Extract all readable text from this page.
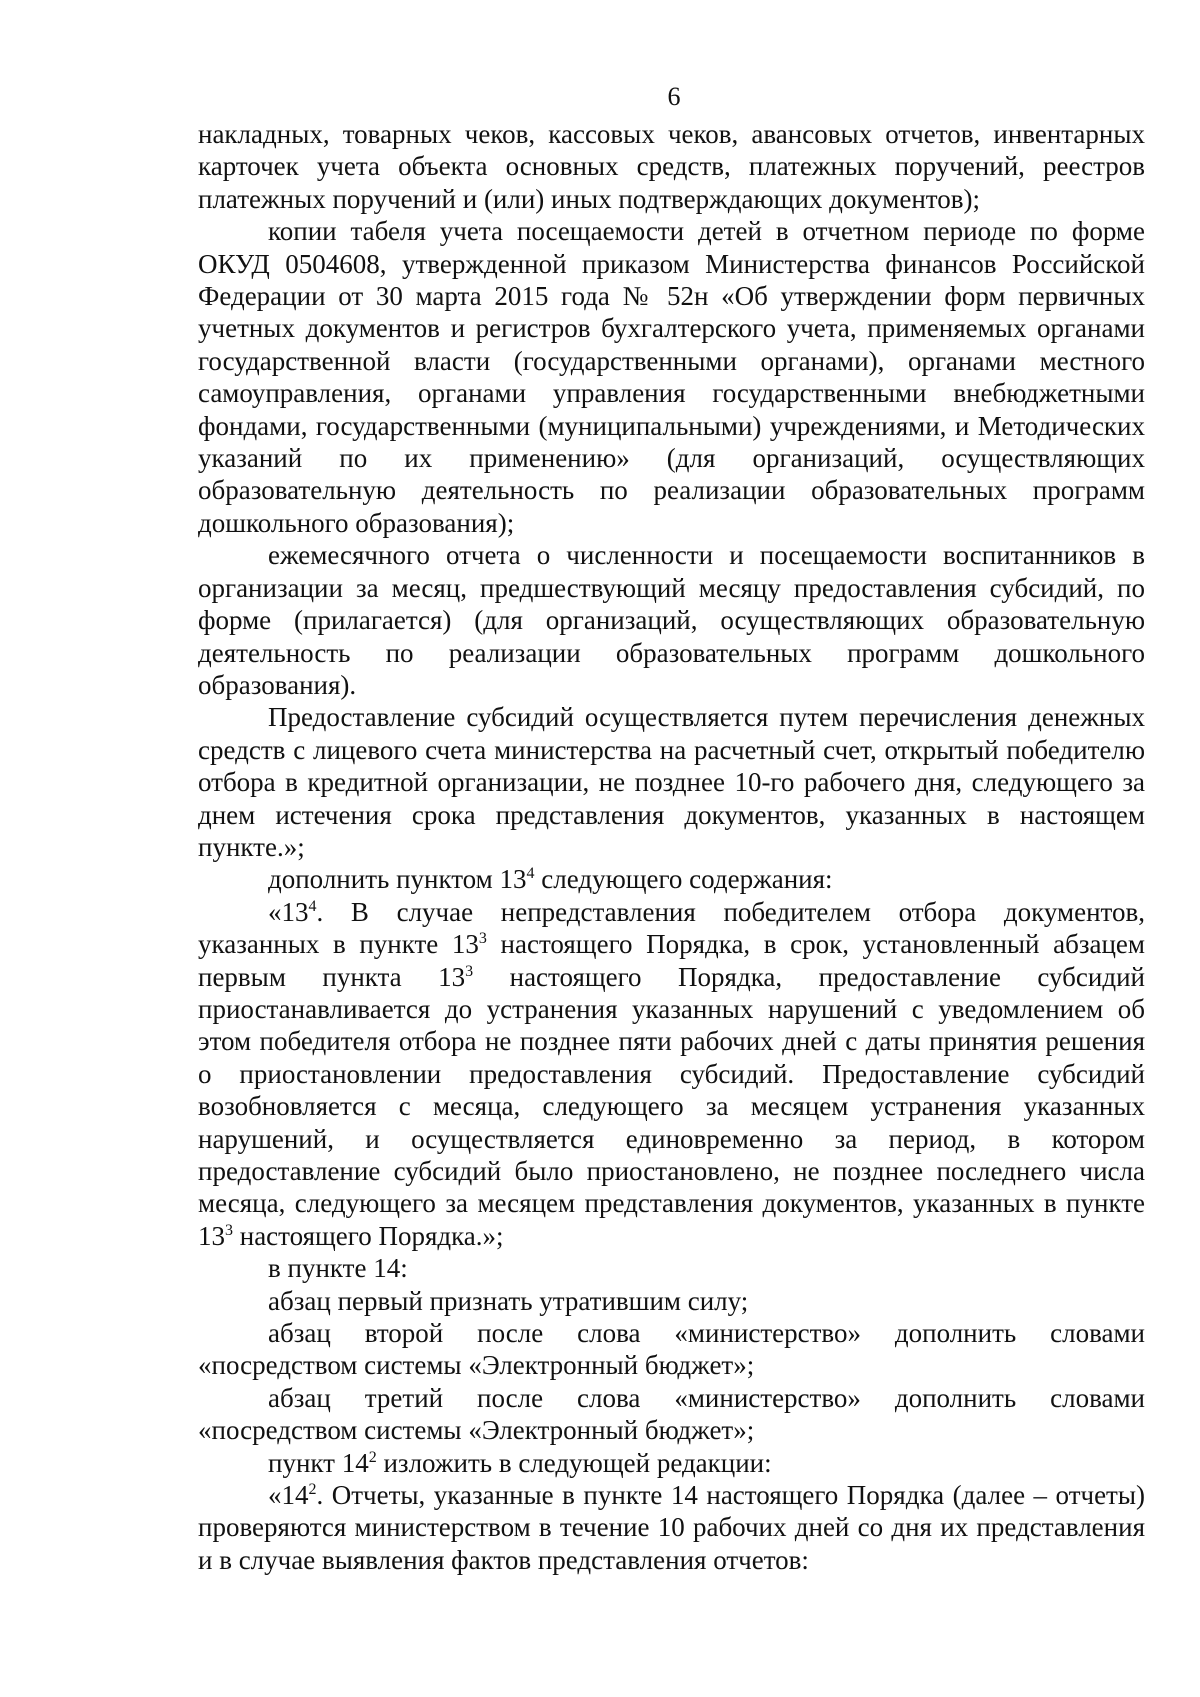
6

накладных, товарных чеков, кассовых чеков, авансовых отчетов, инвентарных карточек учета объекта основных средств, платежных поручений, реестров платежных поручений и (или) иных подтверждающих документов);

копии табеля учета посещаемости детей в отчетном периоде по форме ОКУД 0504608, утвержденной приказом Министерства финансов Российской Федерации от 30 марта 2015 года № 52н «Об утверждении форм первичных учетных документов и регистров бухгалтерского учета, применяемых органами государственной власти (государственными органами), органами местного самоуправления, органами управления государственными внебюджетными фондами, государственными (муниципальными) учреждениями, и Методических указаний по их применению» (для организаций, осуществляющих образовательную деятельность по реализации образовательных программ дошкольного образования);

ежемесячного отчета о численности и посещаемости воспитанников в организации за месяц, предшествующий месяцу предоставления субсидий, по форме (прилагается) (для организаций, осуществляющих образовательную деятельность по реализации образовательных программ дошкольного образования).

Предоставление субсидий осуществляется путем перечисления денежных средств с лицевого счета министерства на расчетный счет, открытый победителю отбора в кредитной организации, не позднее 10-го рабочего дня, следующего за днем истечения срока представления документов, указанных в настоящем пункте.»;

дополнить пунктом $13^4$ следующего содержания:

«$13^4$. В случае непредставления победителем отбора документов, указанных в пункте $13^3$ настоящего Порядка, в срок, установленный абзацем первым пункта $13^3$ настоящего Порядка, предоставление субсидий приостанавливается до устранения указанных нарушений с уведомлением об этом победителя отбора не позднее пяти рабочих дней с даты принятия решения о приостановлении предоставления субсидий. Предоставление субсидий возобновляется с месяца, следующего за месяцем устранения указанных нарушений, и осуществляется единовременно за период, в котором предоставление субсидий было приостановлено, не позднее последнего числа месяца, следующего за месяцем представления документов, указанных в пункте $13^3$ настоящего Порядка.»;

в пункте 14:

абзац первый признать утратившим силу;

абзац второй после слова «министерство» дополнить словами «посредством системы «Электронный бюджет»;

абзац третий после слова «министерство» дополнить словами «посредством системы «Электронный бюджет»;

пункт $14^2$ изложить в следующей редакции:

«$14^2$. Отчеты, указанные в пункте 14 настоящего Порядка (далее – отчеты) проверяются министерством в течение 10 рабочих дней со дня их представления и в случае выявления фактов представления отчетов:
